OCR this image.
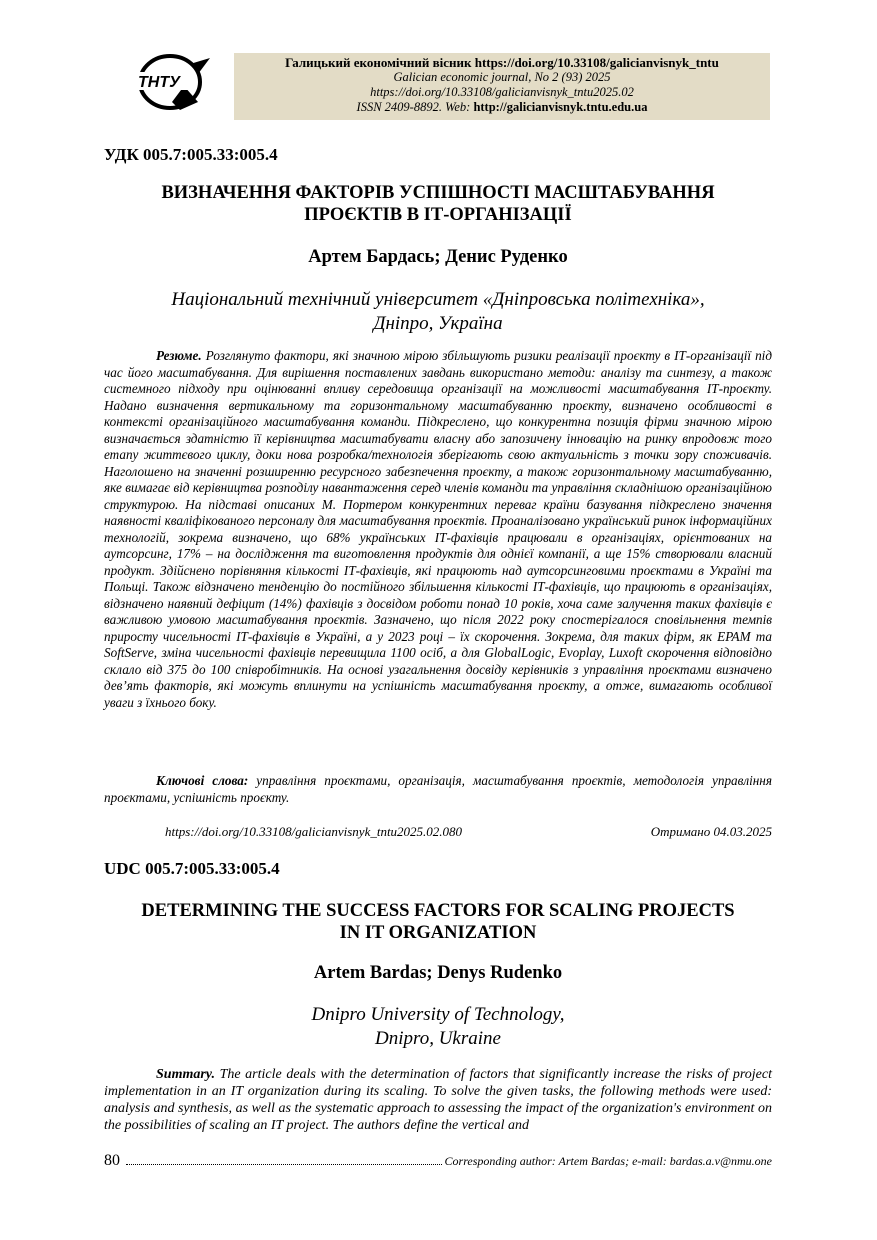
ТНТУ
Галицький економічний вісник https://doi.org/10.33108/galicianvisnyk_tntu
Galician economic journal, No 2 (93) 2025
https://doi.org/10.33108/galicianvisnyk_tntu2025.02
ISSN 2409-8892. Web: http://galicianvisnyk.tntu.edu.ua
УДК 005.7:005.33:005.4
ВИЗНАЧЕННЯ ФАКТОРІВ УСПІШНОСТІ МАСШТАБУВАННЯ
ПРОЄКТІВ В ІТ-ОРГАНІЗАЦІЇ
Артем Бардась; Денис Руденко
Національний технічний університет «Дніпровська політехніка»,
Дніпро, Україна

Резюме. Розглянуто фактори, які значною мірою збільшують ризики реалізації проєкту в ІТ-організації під час його масштабування. Для вирішення поставлених завдань використано методи: аналізу та синтезу, а також системного підходу при оцінюванні впливу середовища організації на можливості масштабування ІТ-проєкту. Надано визначення вертикальному та горизонтальному масштабуванню проєкту, визначено особливості в контексті організаційного масштабування команди. Підкреслено, що конкурентна позиція фірми значною мірою визначається здатністю її керівництва масштабувати власну або запозичену інновацію на ринку впродовж того етапу життєвого циклу, доки нова розробка/технологія зберігають свою актуальність з точки зору споживачів. Наголошено на значенні розширенню ресурсного забезпечення проєкту, а також горизонтальному масштабуванню, яке вимагає від керівництва розподілу навантаження серед членів команди та управління складнішою організаційною структурою. На підставі описаних М. Портером конкурентних переваг країни базування підкреслено значення наявності кваліфікованого персоналу для масштабування проєктів. Проаналізовано український ринок інформаційних технологій, зокрема визначено, що 68% українських ІТ-фахівців працювали в організаціях, орієнтованих на аутсорсинг, 17% – на дослідження та виготовлення продуктів для однієї компанії, а ще 15% створювали власний продукт. Здійснено порівняння кількості ІТ-фахівців, які працюють над аутсорсинговими проєктами в Україні та Польщі. Також відзначено тенденцію до постійного збільшення кількості ІТ-фахівців, що працюють в організаціях, відзначено наявний дефіцит (14%) фахівців з досвідом роботи понад 10 років, хоча саме залучення таких фахівців є важливою умовою масштабування проєктів. Зазначено, що після 2022 року спостерігалося сповільнення темпів приросту чисельності ІТ-фахівців в Україні, а у 2023 році – їх скорочення. Зокрема, для таких фірм, як EPAM та SoftServe, зміна чисельності фахівців перевищила 1100 осіб, а для GlobalLogic, Evoplay, Luxoft скорочення відповідно склало від 375 до 100 співробітників. На основі узагальнення досвіду керівників з управління проєктами визначено дев’ять факторів, які можуть вплинути на успішність масштабування проєкту, а отже, вимагають особливої уваги з їхнього боку.

Ключові слова: управління проєктами, організація, масштабування проєктів, методологія управління проєктами, успішність проєкту.

https://doi.org/10.33108/galicianvisnyk_tntu2025.02.080	Отримано 04.03.2025
UDC 005.7:005.33:005.4
DETERMINING THE SUCCESS FACTORS FOR SCALING PROJECTS
IN IT ORGANIZATION
Artem Bardas; Denys Rudenko
Dnipro University of Technology,
Dnipro, Ukraine

Summary. The article deals with the determination of factors that significantly increase the risks of project implementation in an IT organization during its scaling. To solve the given tasks, the following methods were used: analysis and synthesis, as well as the systematic approach to assessing the impact of the organization's environment on the possibilities of scaling an IT project. The authors define the vertical and

80	Corresponding author: Artem Bardas; e-mail: bardas.a.v@nmu.one
